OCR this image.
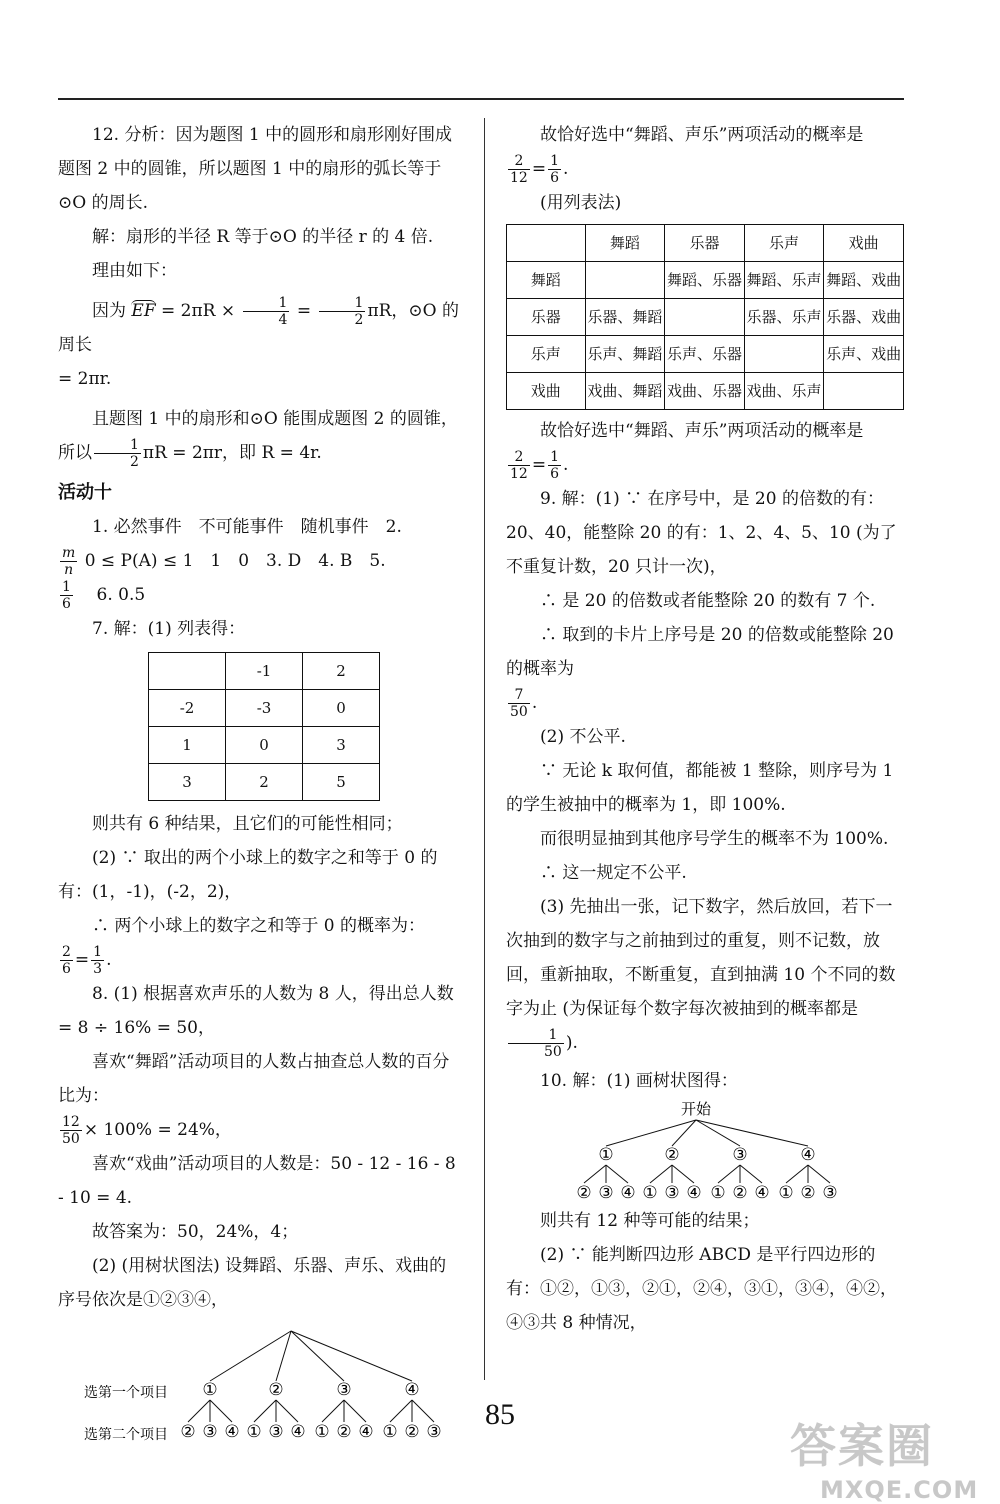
12. 分析：因为题图 1 中的圆形和扇形刚好围成题图 2 中的圆锥，所以题图 1 中的扇形的弧长等于⊙O 的周长.

解：扇形的半径 R 等于⊙O 的半径 r 的 4 倍.

理由如下：

因为 EF = $2\pi R \times \frac{1}{4} = \frac{1}{2}$ πR，⊙O 的周长

= 2πr.

且题图 1 中的扇形和⊙O 能围成题图 2 的圆锥，所以 $\frac{1}{2}$ πR = 2πr，即 R = 4r.

活动十

1. 必然事件　不可能事件　随机事件　2.

$\frac{m}{n} 0 \le P(A) \le 1$　1　0　3. D　4. B　5.

$\frac{1}{6} 6$. 0.5

7. 解：(1) 列表得：

	-1	2
-2	-3	0
1	0	3
3	2	5

则共有 6 种结果，且它们的可能性相同；

(2) ∵ 取出的两个小球上的数字之和等于 0 的有：(1，-1)，(-2，2)，

∴ 两个小球上的数字之和等于 0 的概率为：

$\frac{2}{6} = \frac{1}{3}$ .

8. (1) 根据喜欢声乐的人数为 8 人，得出总人数 = 8 ÷ 16% = 50，

喜欢“舞蹈”活动项目的人数占抽查总人数的百分比为：

$\frac{12}{50} \times 100\% = 24\%$，

喜欢“戏曲”活动项目的人数是：50 - 12 - 16 - 8 - 10 = 4.

故答案为：50，24%，4；

(2) (用树状图法) 设舞蹈、乐器、声乐、戏曲的序号依次是①②③④，

选第一个项目
选第二个项目
①
② ③ ④
②
① ③ ④
③
① ② ④
④
① ② ③

故恰好选中“舞蹈、声乐”两项活动的概率是

$\frac{2}{12} = \frac{1}{6}$ .

(用列表法)

	舞蹈	乐器	乐声	戏曲
舞蹈		舞蹈、乐器	舞蹈、乐声	舞蹈、戏曲
乐器	乐器、舞蹈		乐器、乐声	乐器、戏曲
乐声	乐声、舞蹈	乐声、乐器		乐声、戏曲
戏曲	戏曲、舞蹈	戏曲、乐器	戏曲、乐声	

故恰好选中“舞蹈、声乐”两项活动的概率是

$\frac{2}{12} = \frac{1}{6}$ .

9. 解：(1) ∵ 在序号中，是 20 的倍数的有：20、40，能整除 20 的有：1、2、4、5、10 (为了不重复计数，20 只计一次)，

∴ 是 20 的倍数或者能整除 20 的数有 7 个.

∴ 取到的卡片上序号是 20 的倍数或能整除 20 的概率为

$\frac{7}{50}$ .

(2) 不公平.

∵ 无论 k 取何值，都能被 1 整除，则序号为 1 的学生被抽中的概率为 1，即 100%.

而很明显抽到其他序号学生的概率不为 100%.

∴ 这一规定不公平.

(3) 先抽出一张，记下数字，然后放回，若下一次抽到的数字与之前抽到过的重复，则不记数，放回，重新抽取，不断重复，直到抽满 10 个不同的数字为止 (为保证每个数字每次被抽到的概率都是
$\frac{1}{50}$ ).

10. 解：(1) 画树状图得：

开始
①
② ③ ④
②
① ③ ④
③
① ② ④
④
① ② ③

则共有 12 种等可能的结果；

(2) ∵ 能判断四边形 ABCD 是平行四边形的有：①②，①③，②①，②④，③①，③④，④②，④③共 8 种情况，

85
答案圈
MXQE.COM
